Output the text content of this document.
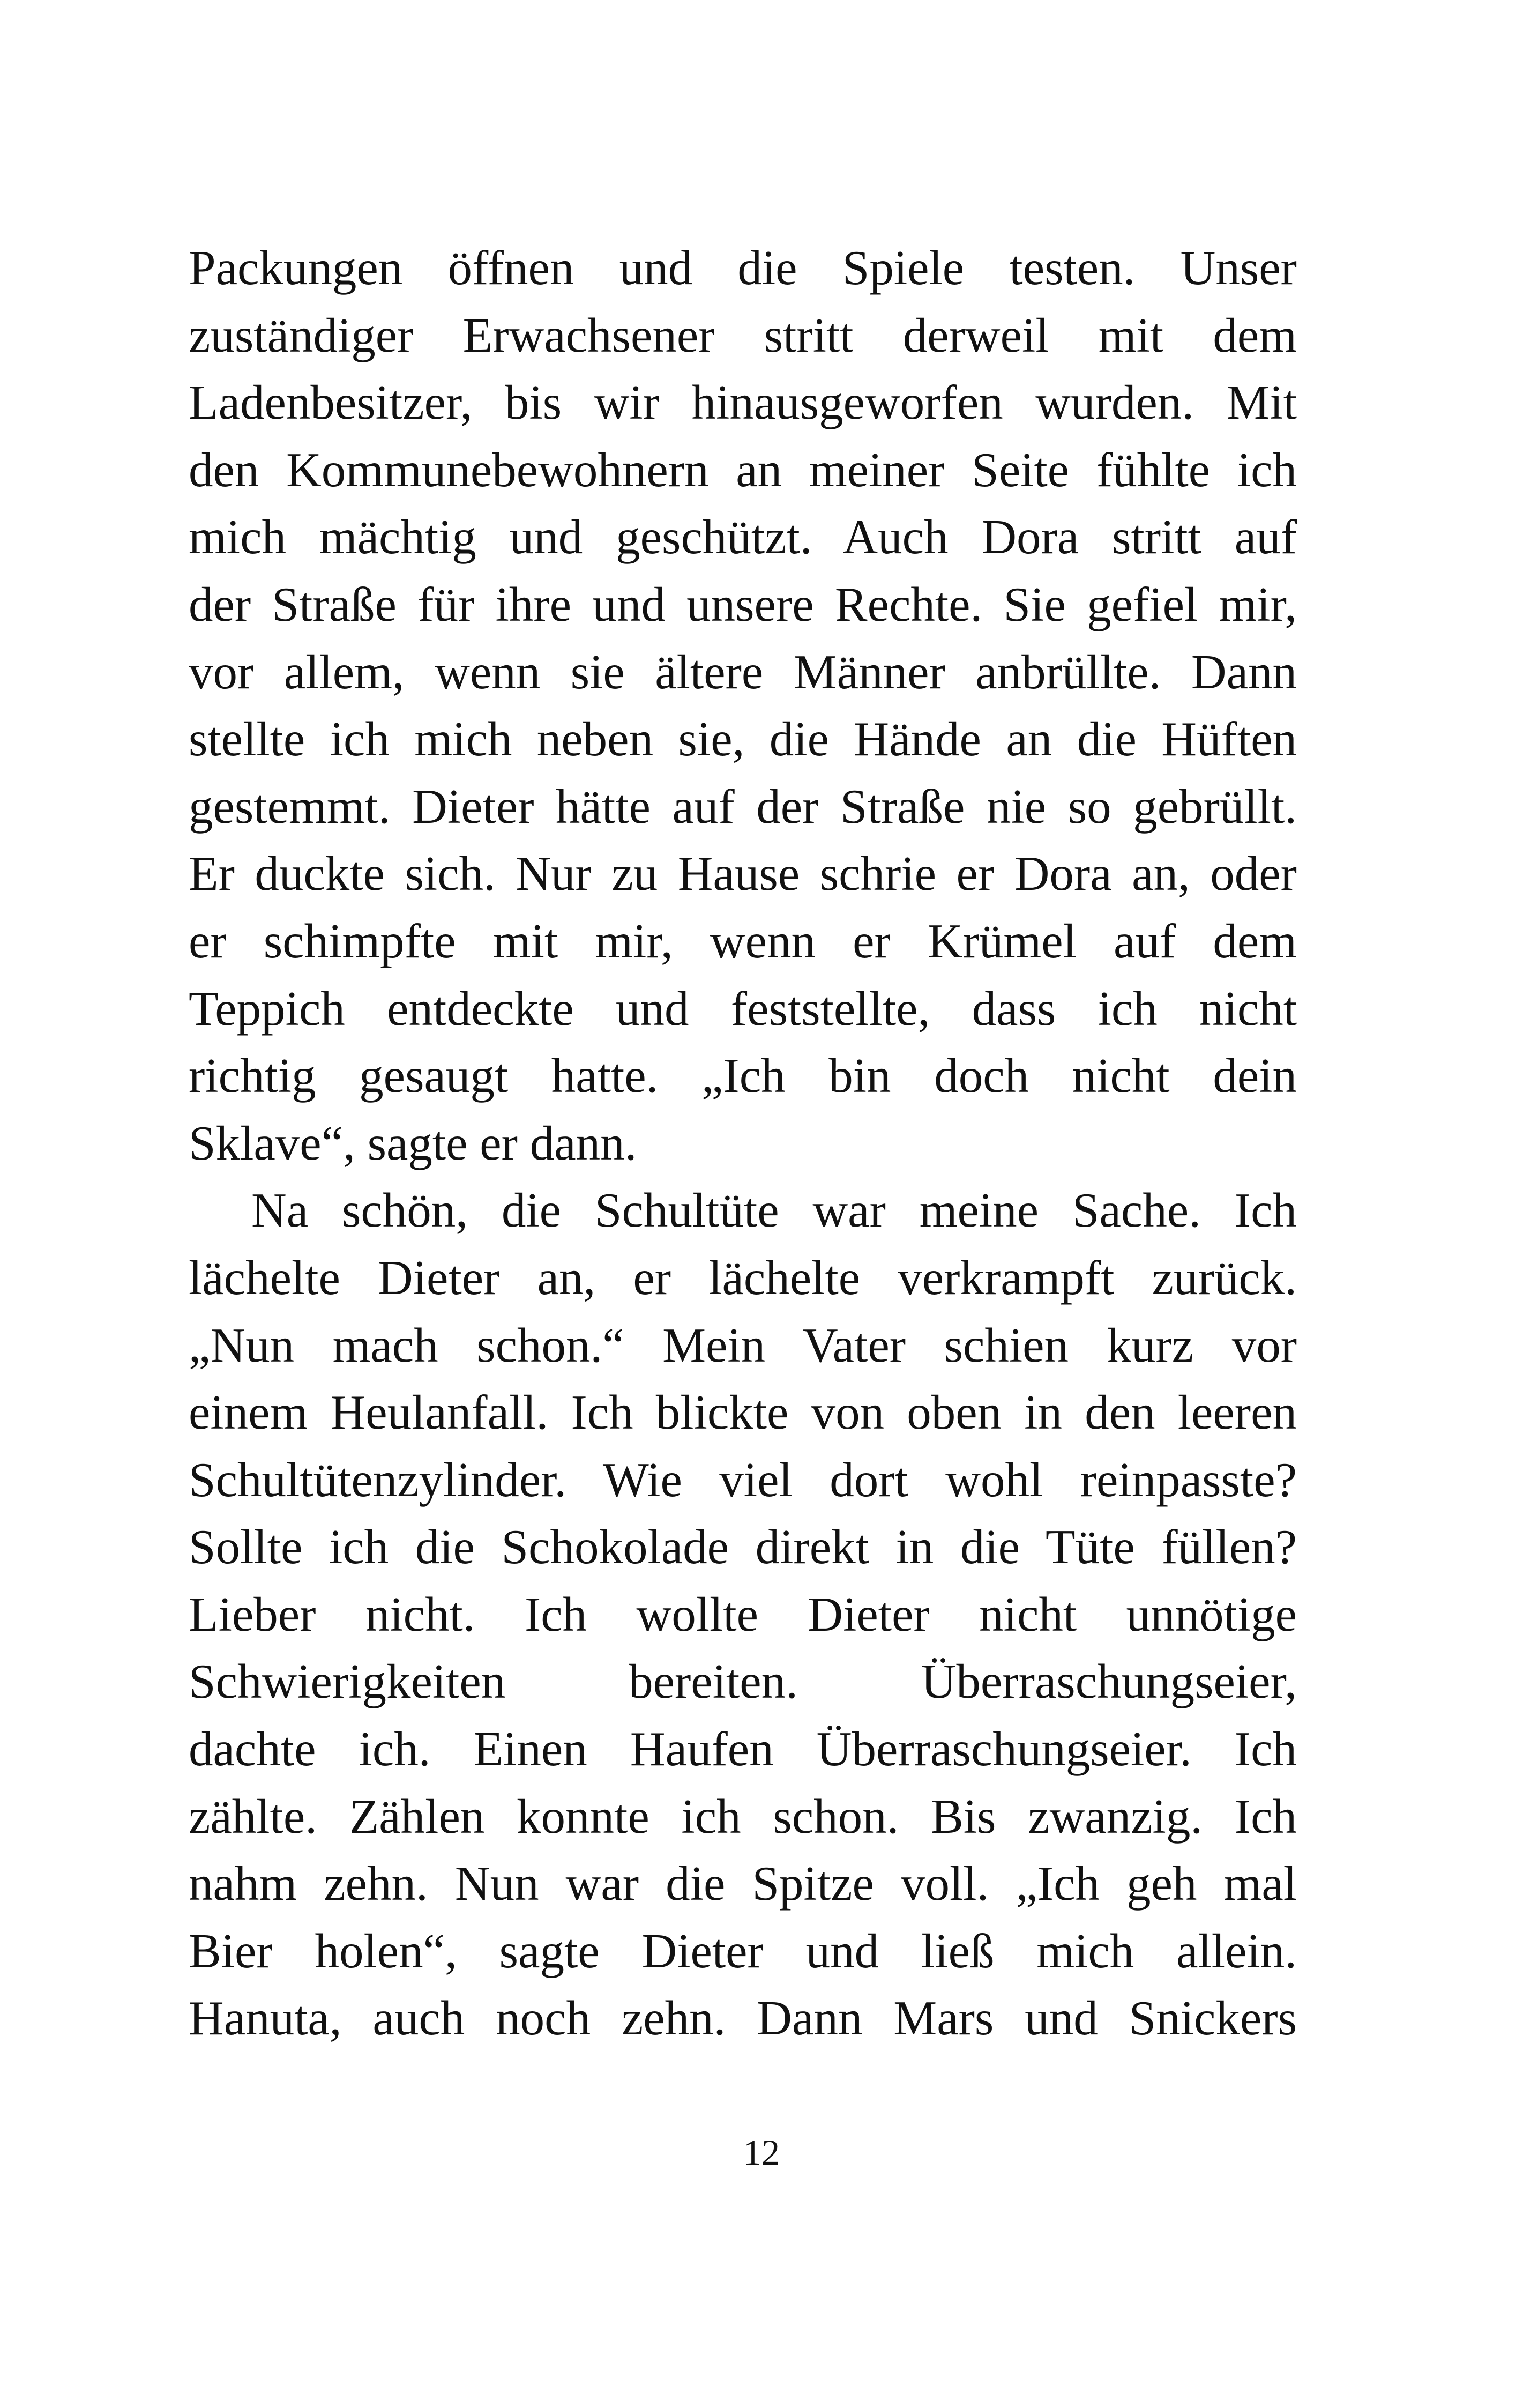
Packungen öffnen und die Spiele testen. Unser
zuständiger Erwachsener stritt derweil mit dem
Ladenbesitzer, bis wir hinausgeworfen wurden. Mit
den Kommunebewohnern an meiner Seite fühlte ich
mich mächtig und geschützt. Auch Dora stritt auf
der Straße für ihre und unsere Rechte. Sie gefiel mir,
vor allem, wenn sie ältere Männer anbrüllte. Dann
stellte ich mich neben sie, die Hände an die Hüften
gestemmt. Dieter hätte auf der Straße nie so gebrüllt.
Er duckte sich. Nur zu Hause schrie er Dora an, oder
er schimpfte mit mir, wenn er Krümel auf dem
Teppich entdeckte und feststellte, dass ich nicht
richtig gesaugt hatte. „Ich bin doch nicht dein
Sklave“, sagte er dann.
Na schön, die Schultüte war meine Sache. Ich
lächelte Dieter an, er lächelte verkrampft zurück.
„Nun mach schon.“ Mein Vater schien kurz vor
einem Heulanfall. Ich blickte von oben in den leeren
Schultütenzylinder. Wie viel dort wohl reinpasste?
Sollte ich die Schokolade direkt in die Tüte füllen?
Lieber nicht. Ich wollte Dieter nicht unnötige
Schwierigkeiten bereiten. Überraschungseier,
dachte ich. Einen Haufen Überraschungseier. Ich
zählte. Zählen konnte ich schon. Bis zwanzig. Ich
nahm zehn. Nun war die Spitze voll. „Ich geh mal
Bier holen“, sagte Dieter und ließ mich allein.
Hanuta, auch noch zehn. Dann Mars und Snickers
12
